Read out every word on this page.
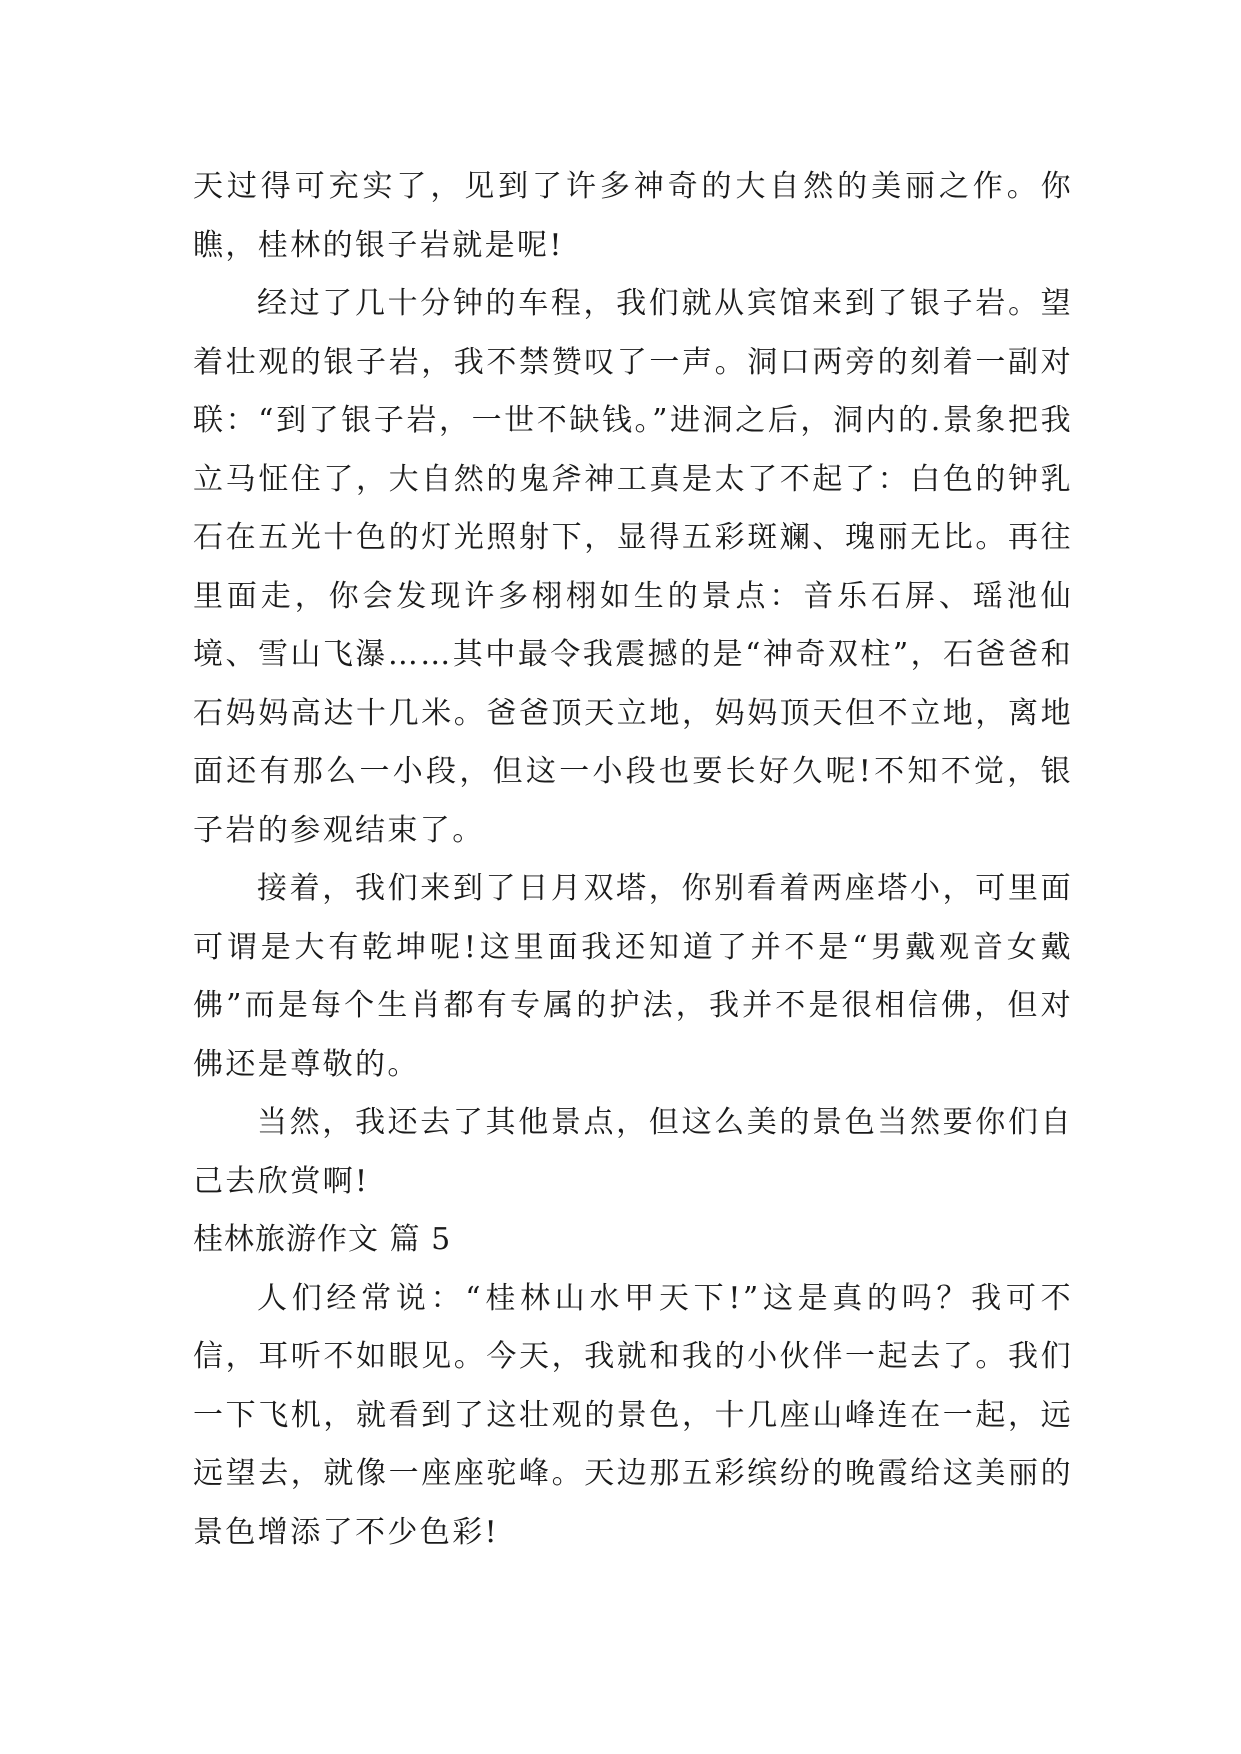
天过得可充实了，见到了许多神奇的大自然的美丽之作。你瞧，桂林的银子岩就是呢!

经过了几十分钟的车程，我们就从宾馆来到了银子岩。望着壮观的银子岩，我不禁赞叹了一声。洞口两旁的刻着一副对联：“到了银子岩，一世不缺钱。”进洞之后，洞内的.景象把我立马怔住了，大自然的鬼斧神工真是太了不起了：白色的钟乳石在五光十色的灯光照射下，显得五彩斑斓、瑰丽无比。再往里面走，你会发现许多栩栩如生的景点：音乐石屏、瑶池仙境、雪山飞瀑……其中最令我震撼的是“神奇双柱”，石爸爸和石妈妈高达十几米。爸爸顶天立地，妈妈顶天但不立地，离地面还有那么一小段，但这一小段也要长好久呢!不知不觉，银子岩的参观结束了。

接着，我们来到了日月双塔，你别看着两座塔小，可里面可谓是大有乾坤呢!这里面我还知道了并不是“男戴观音女戴佛”而是每个生肖都有专属的护法，我并不是很相信佛，但对佛还是尊敬的。

当然，我还去了其他景点，但这么美的景色当然要你们自己去欣赏啊!

桂林旅游作文 篇 5

人们经常说：“桂林山水甲天下!”这是真的吗？我可不信，耳听不如眼见。今天，我就和我的小伙伴一起去了。我们一下飞机，就看到了这壮观的景色，十几座山峰连在一起，远远望去，就像一座座驼峰。天边那五彩缤纷的晚霞给这美丽的景色增添了不少色彩!
